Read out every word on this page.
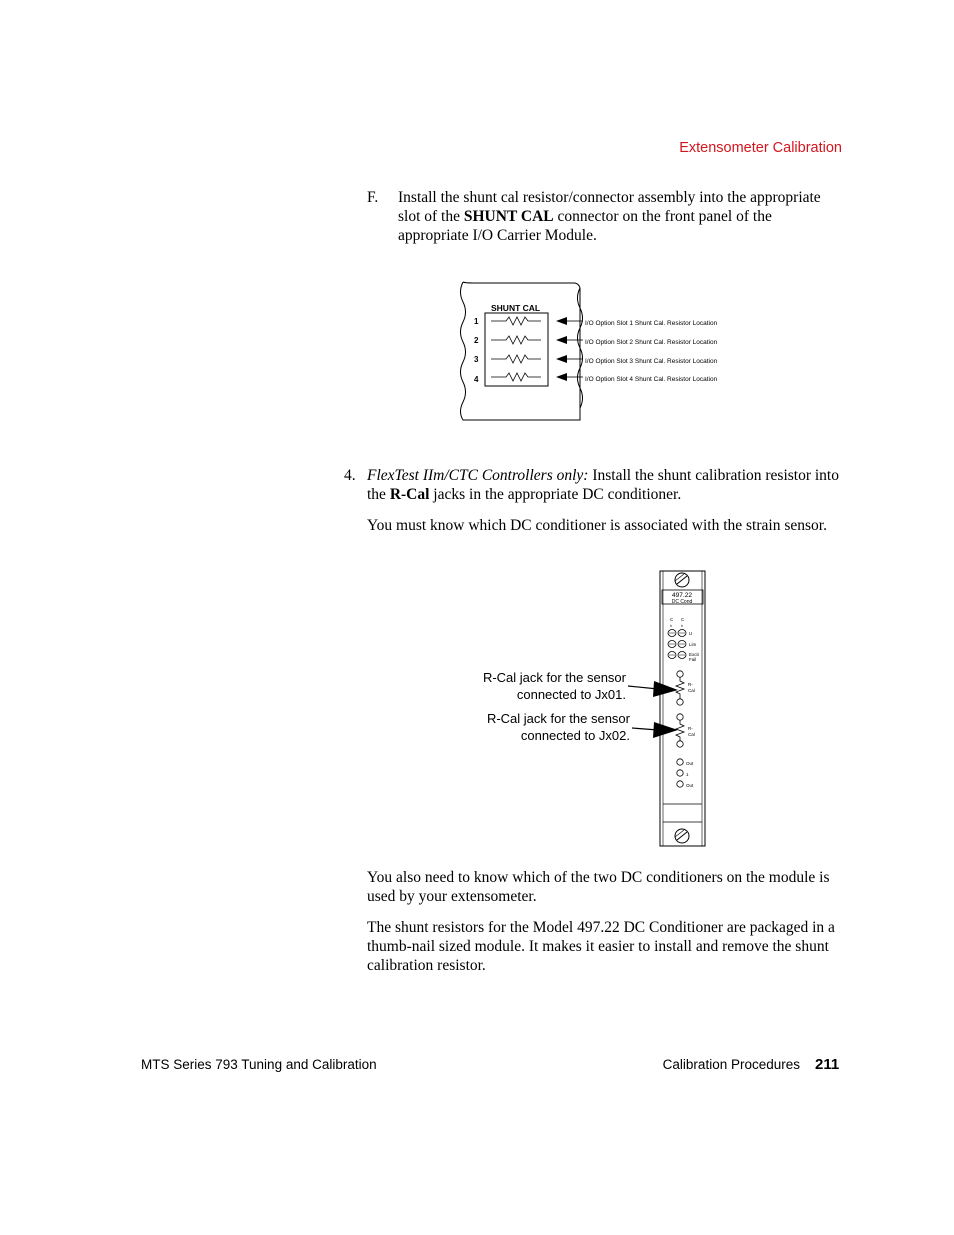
Extensometer Calibration
F. Install the shunt cal resistor/connector assembly into the appropriate slot of the SHUNT CAL connector on the front panel of the appropriate I/O Carrier Module.
SHUNT CAL
1	I/O Option Slot 1 Shunt Cal. Resistor Location
2	I/O Option Slot 2 Shunt Cal. Resistor Location
3	I/O Option Slot 3 Shunt Cal. Resistor Location
4	I/O Option Slot 4 Shunt Cal. Resistor Location
4. FlexTest IIm/CTC Controllers only: Install the shunt calibration resistor into the R-Cal jacks in the appropriate DC conditioner.
You must know which DC conditioner is associated with the strain sensor.
497.22
DC Cond
C C
h	h
U
Lim
Excit
Fail
R-
Cal
R-
Cal
Out
1
Out
R-Cal jack for the sensor
connected to Jx01.
R-Cal jack for the sensor
connected to Jx02.
You also need to know which of the two DC conditioners on the module is used by your extensometer.
The shunt resistors for the Model 497.22 DC Conditioner are packaged in a thumb-nail sized module. It makes it easier to install and remove the shunt calibration resistor.
MTS Series 793 Tuning and Calibration	Calibration Procedures 211
